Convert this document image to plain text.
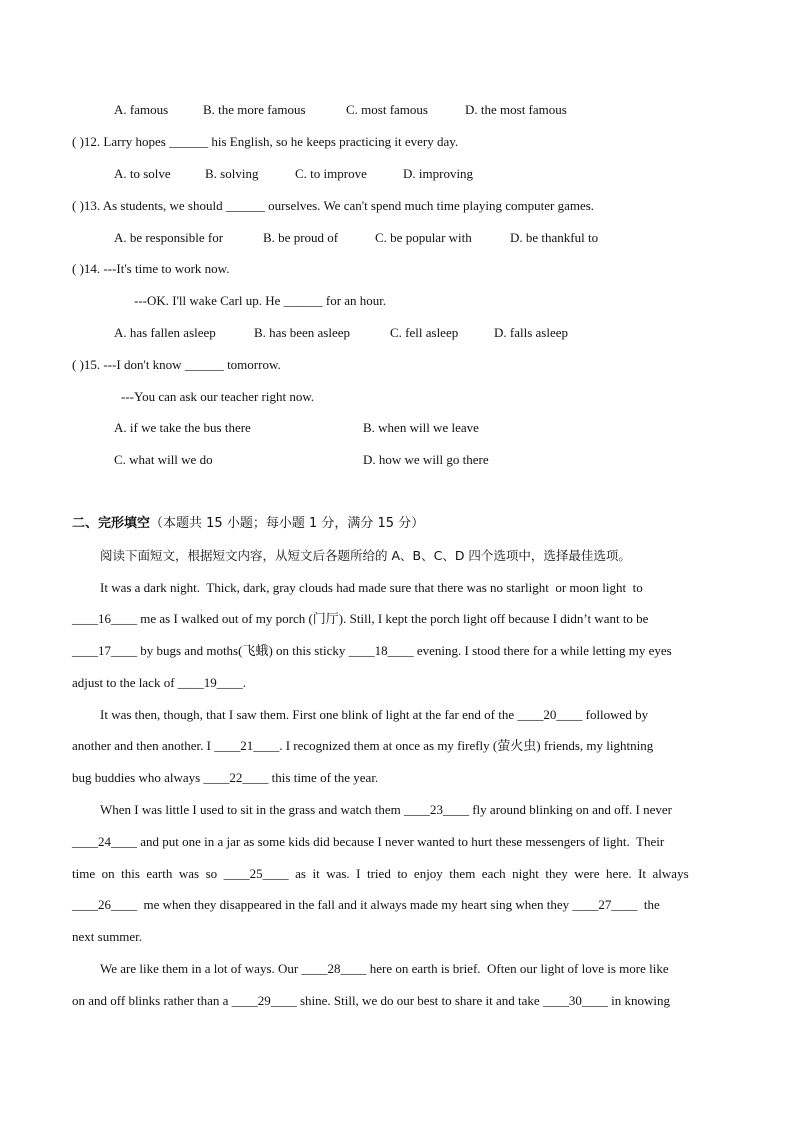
A. famous	B. the more famous	C. most famous	D. the most famous
( )12. Larry hopes ______ his English, so he keeps practicing it every day.
A. to solve	B. solving	C. to improve	D. improving
( )13. As students, we should ______ ourselves. We can't spend much time playing computer games.
A. be responsible for	B. be proud of	C. be popular with	D. be thankful to
( )14. ---It's time to work now.
---OK. I'll wake Carl up. He ______ for an hour.
A. has fallen asleep	B. has been asleep	C. fell asleep	D. falls asleep
( )15. ---I don't know ______ tomorrow.
---You can ask our teacher right now.
A. if we take the bus there	B. when will we leave
C. what will we do	D. how we will go there
二、完形填空（本题共 15 小题；每小题 1 分，满分 15 分）
阅读下面短文，根据短文内容，从短文后各题所给的 A、B、C、D 四个选项中，选择最佳选项。
It was a dark night.  Thick, dark, gray clouds had made sure that there was no starlight  or moon light  to
____16____ me as I walked out of my porch (门厅). Still, I kept the porch light off because I didn’t want to be
____17____ by bugs and moths(飞蛾) on this sticky ____18____ evening. I stood there for a while letting my eyes
adjust to the lack of ____19____.
It was then, though, that I saw them. First one blink of light at the far end of the ____20____ followed by
another and then another. I ____21____. I recognized them at once as my firefly (萤火虫) friends, my lightning
bug buddies who always ____22____ this time of the year.
When I was little I used to sit in the grass and watch them ____23____ fly around blinking on and off. I never
____24____ and put one in a jar as some kids did because I never wanted to hurt these messengers of light.  Their
time  on  this  earth  was  so  ____25____  as  it  was.  I  tried  to  enjoy  them  each  night  they  were  here.  It  always
____26____  me when they disappeared in the fall and it always made my heart sing when they ____27____  the
next summer.
We are like them in a lot of ways. Our ____28____ here on earth is brief.  Often our light of love is more like
on and off blinks rather than a ____29____ shine. Still, we do our best to share it and take ____30____ in knowing
